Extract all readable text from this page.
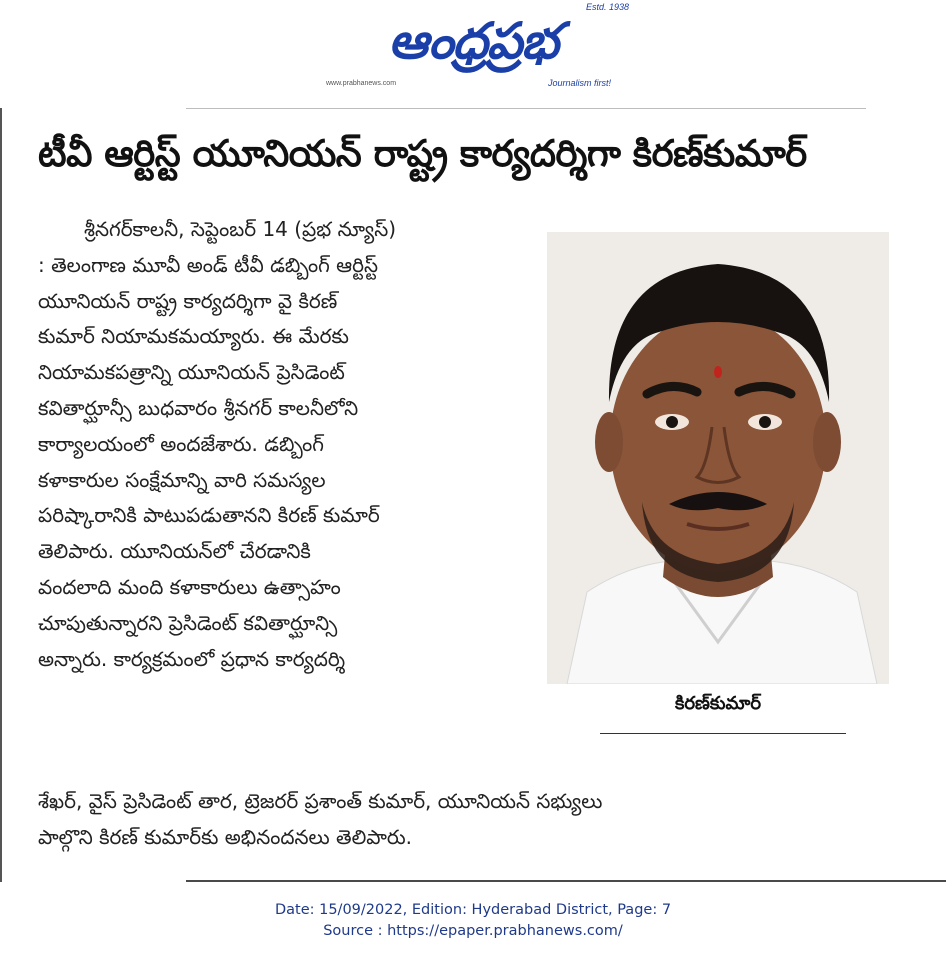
ఆంధ్రప్రభ
Estd. 1938
www.prabhanews.com	Journalism first!
టీవీ ఆర్టిస్ట్ యూనియన్ రాష్ట్ర కార్యదర్శిగా కిరణ్‌కుమార్

శ్రీనగర్‌కాలనీ, సెప్టెంబర్ 14 (ప్రభ న్యూస్)

: తెలంగాణ మూవీ అండ్ టీవీ డబ్బింగ్ ఆర్టిస్ట్

యూనియన్ రాష్ట్ర కార్యదర్శిగా వై కిరణ్

కుమార్ నియామకమయ్యారు. ఈ మేరకు

నియామకపత్రాన్ని యూనియన్ ప్రెసిడెంట్

కవితార్ఘూన్సీ బుధవారం శ్రీనగర్ కాలనీలోని

కార్యాలయంలో అందజేశారు. డబ్బింగ్

కళాకారుల సంక్షేమాన్ని వారి సమస్యల

పరిష్కారానికి పాటుపడుతానని కిరణ్ కుమార్

తెలిపారు. యూనియన్‌లో చేరడానికి

వందలాది మంది కళాకారులు ఉత్సాహం

చూపుతున్నారని ప్రెసిడెంట్ కవితార్ఘూన్సి

అన్నారు. కార్యక్రమంలో ప్రధాన కార్యదర్శి

శేఖర్, వైస్ ప్రెసిడెంట్ తార, ట్రెజరర్ ప్రశాంత్ కుమార్, యూనియన్ సభ్యులు

పాల్గొని కిరణ్ కుమార్‌కు అభినందనలు తెలిపారు.

కిరణ్‌కుమార్
Date: 15/09/2022, Edition: Hyderabad District, Page: 7
Source : https://epaper.prabhanews.com/
